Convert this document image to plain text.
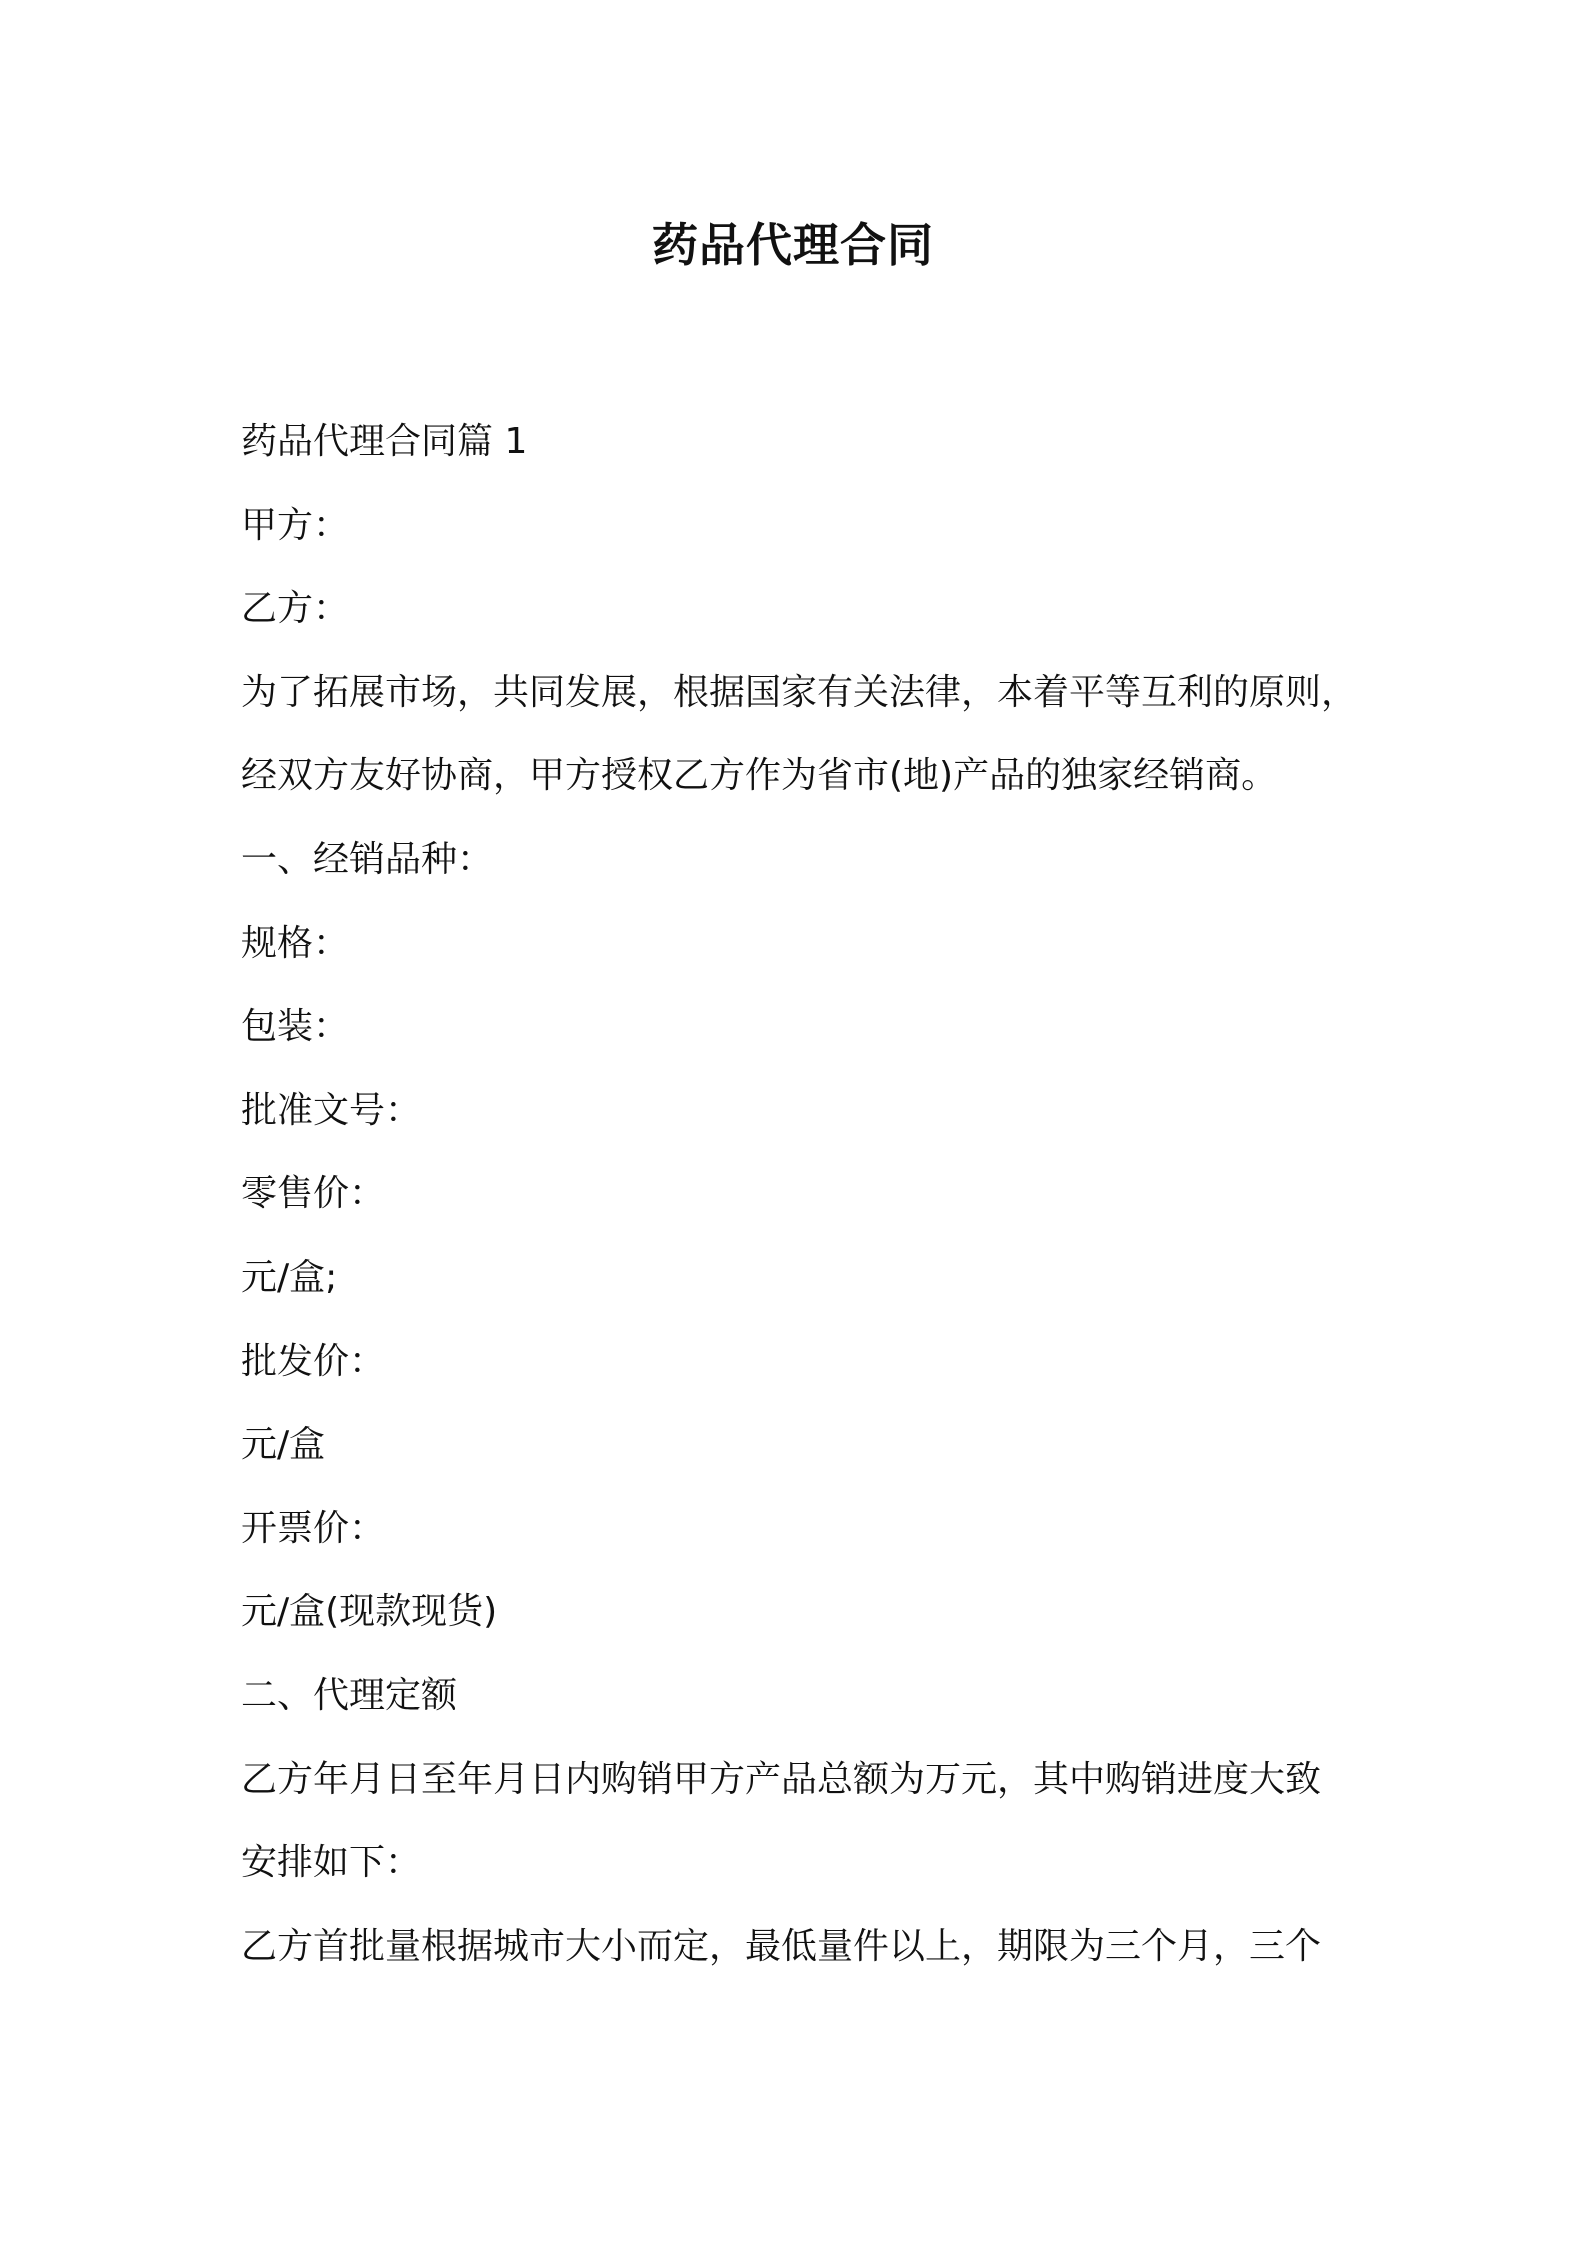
药品代理合同
药品代理合同篇 1
甲方：
乙方：
为了拓展市场，共同发展，根据国家有关法律，本着平等互利的原则，
经双方友好协商，甲方授权乙方作为省市(地)产品的独家经销商。
一、经销品种：
规格：
包装：
批准文号：
零售价：
元/盒;
批发价：
元/盒
开票价：
元/盒(现款现货)
二、代理定额
乙方年月日至年月日内购销甲方产品总额为万元，其中购销进度大致
安排如下：
乙方首批量根据城市大小而定，最低量件以上，期限为三个月，三个
